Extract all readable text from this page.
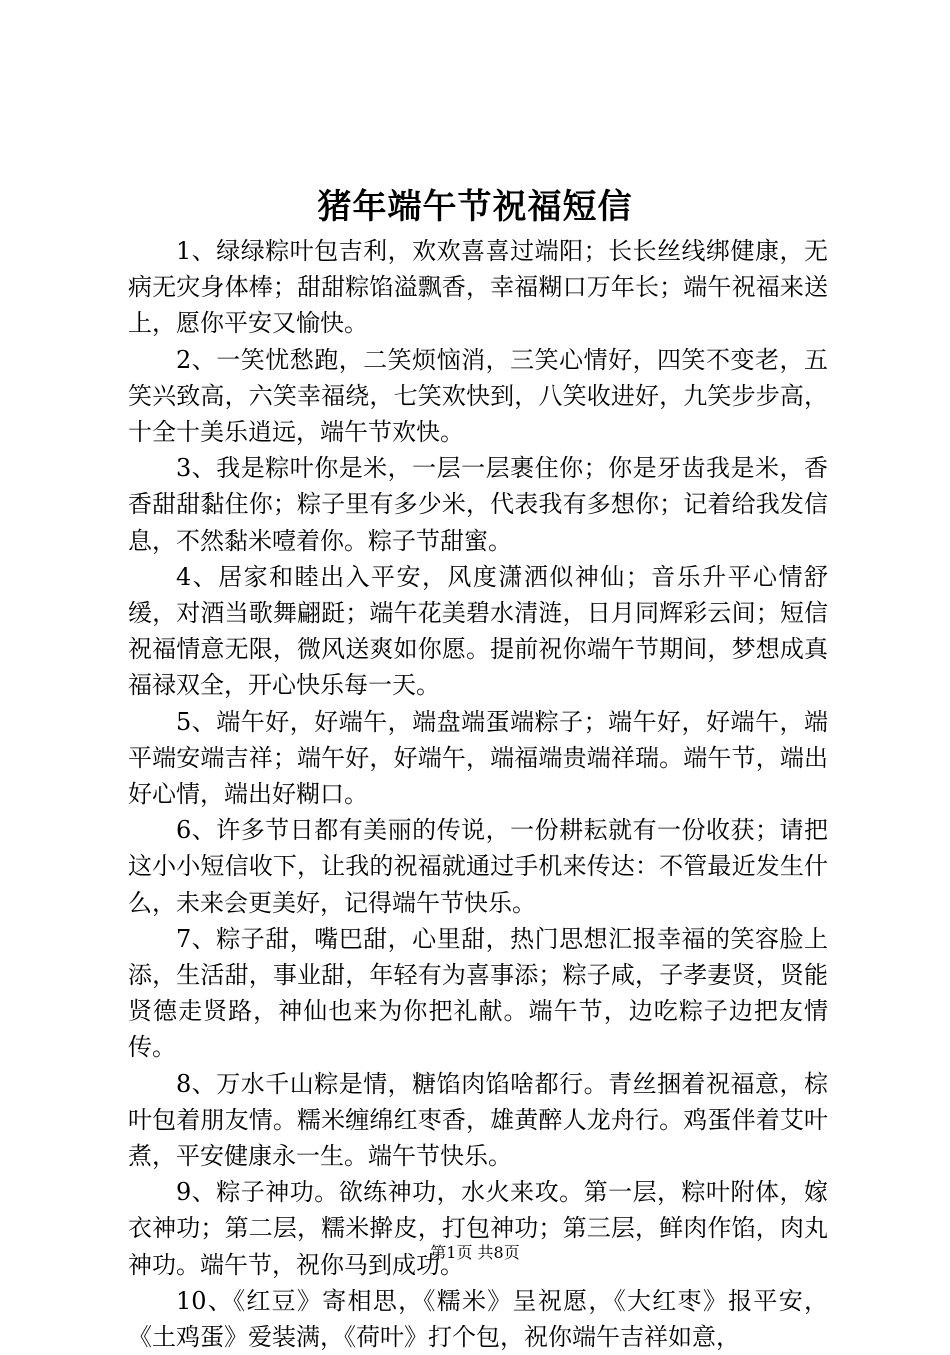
猪年端午节祝福短信

1、绿绿粽叶包吉利，欢欢喜喜过端阳；长长丝线绑健康，无病无灾身体棒；甜甜粽馅溢飘香，幸福糊口万年长；端午祝福来送上，愿你平安又愉快。

2、一笑忧愁跑，二笑烦恼消，三笑心情好，四笑不变老，五笑兴致高，六笑幸福绕，七笑欢快到，八笑收进好，九笑步步高，十全十美乐逍远，端午节欢快。

3、我是粽叶你是米，一层一层裹住你；你是牙齿我是米，香香甜甜黏住你；粽子里有多少米，代表我有多想你；记着给我发信息，不然黏米噎着你。粽子节甜蜜。

4、居家和睦出入平安，风度潇洒似神仙；音乐升平心情舒缓，对酒当歌舞翩跹；端午花美碧水清涟，日月同辉彩云间；短信祝福情意无限，微风送爽如你愿。提前祝你端午节期间，梦想成真福禄双全，开心快乐每一天。

5、端午好，好端午，端盘端蛋端粽子；端午好，好端午，端平端安端吉祥；端午好，好端午，端福端贵端祥瑞。端午节，端出好心情，端出好糊口。

6、许多节日都有美丽的传说，一份耕耘就有一份收获；请把这小小短信收下，让我的祝福就通过手机来传达：不管最近发生什么，未来会更美好，记得端午节快乐。

7、粽子甜，嘴巴甜，心里甜，热门思想汇报幸福的笑容脸上添，生活甜，事业甜，年轻有为喜事添；粽子咸，子孝妻贤，贤能贤德走贤路，神仙也来为你把礼献。端午节，边吃粽子边把友情传。

8、万水千山粽是情，糖馅肉馅啥都行。青丝捆着祝福意，棕叶包着朋友情。糯米缠绵红枣香，雄黄醉人龙舟行。鸡蛋伴着艾叶煮，平安健康永一生。端午节快乐。

9、粽子神功。欲练神功，水火来攻。第一层，粽叶附体，嫁衣神功；第二层，糯米擀皮，打包神功；第三层，鲜肉作馅，肉丸神功。端午节，祝你马到成功。

10、《红豆》寄相思，《糯米》呈祝愿，《大红枣》报平安，《土鸡蛋》爱装满，《荷叶》打个包，祝你端午吉祥如意，

第1页 共8页
